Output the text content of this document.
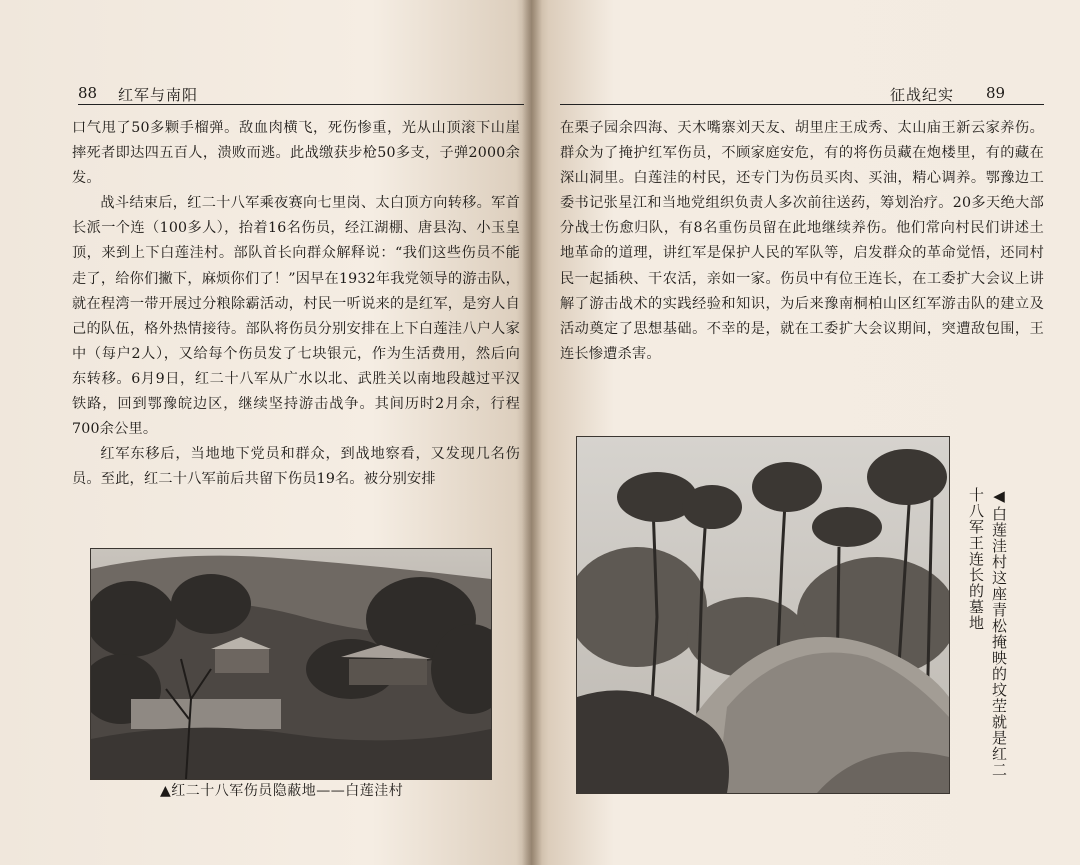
88 红军与南阳

口气甩了50多颗手榴弹。敌血肉横飞，死伤惨重，光从山顶滚下山崖摔死者即达四五百人，溃败而逃。此战缴获步枪50多支，子弹2000余发。

战斗结束后，红二十八军乘夜赛向七里岗、太白顶方向转移。军首长派一个连（100多人），抬着16名伤员，经江湖棚、唐县沟、小玉皇顶，来到上下白莲洼村。部队首长向群众解释说：“我们这些伤员不能走了，给你们撇下，麻烦你们了！”因早在1932年我党领导的游击队，就在程湾一带开展过分粮除霸活动，村民一听说来的是红军，是穷人自己的队伍，格外热情接待。部队将伤员分别安排在上下白莲洼八户人家中（每户2人），又给每个伤员发了七块银元，作为生活费用，然后向东转移。6月9日，红二十八军从广水以北、武胜关以南地段越过平汉铁路，回到鄂豫皖边区，继续坚持游击战争。其间历时2月余，行程700余公里。

红军东移后，当地地下党员和群众，到战地察看，又发现几名伤员。至此，红二十八军前后共留下伤员19名。被分别安排

▲红二十八军伤员隐蔽地——白莲洼村
征战纪实 89

在栗子园余四海、天木嘴寨刘天友、胡里庄王成秀、太山庙王新云家养伤。群众为了掩护红军伤员，不顾家庭安危，有的将伤员藏在炮楼里，有的藏在深山洞里。白莲洼的村民，还专门为伤员买肉、买油，精心调养。鄂豫边工委书记张星江和当地党组织负责人多次前往送药，筹划治疗。20多天绝大部分战士伤愈归队，有8名重伤员留在此地继续养伤。他们常向村民们讲述土地革命的道理，讲红军是保护人民的军队等，启发群众的革命觉悟，还同村民一起插秧、干农活，亲如一家。伤员中有位王连长，在工委扩大会议上讲解了游击战术的实践经验和知识，为后来豫南桐柏山区红军游击队的建立及活动奠定了思想基础。不幸的是，就在工委扩大会议期间，突遭敌包围，王连长惨遭杀害。

◀白莲洼村这座青松掩映的坟茔就是红二十八军王连长的墓地
